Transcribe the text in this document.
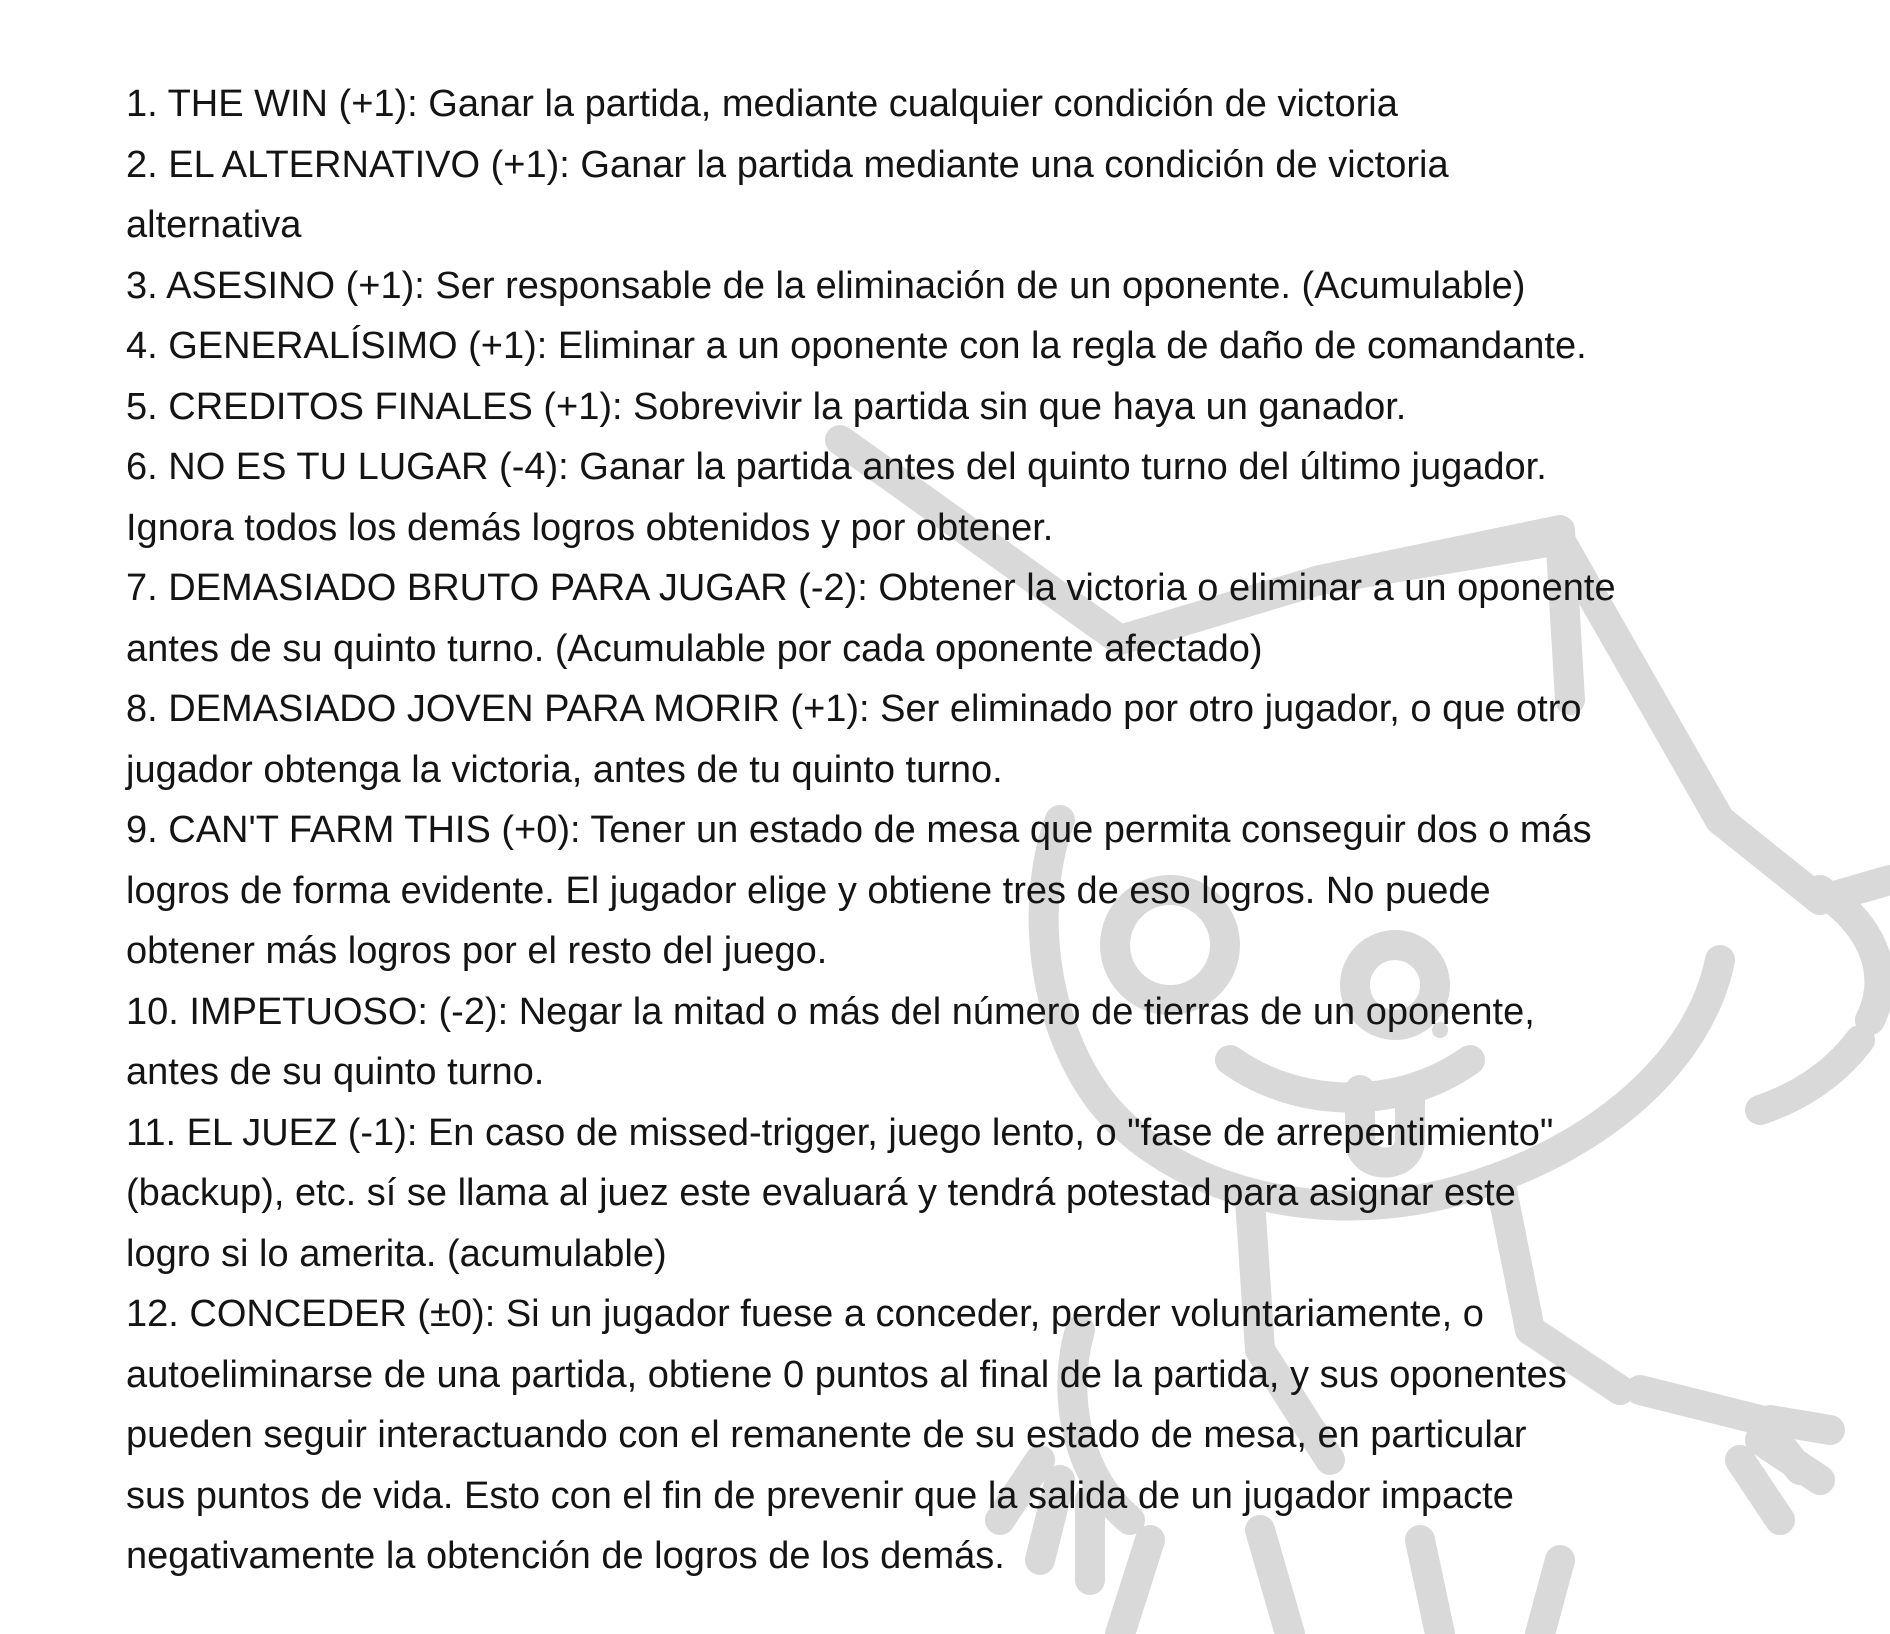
1. THE WIN (+1): Ganar la partida, mediante cualquier condición de victoria

2. EL ALTERNATIVO (+1): Ganar la partida mediante una condición de victoria
alternativa

3. ASESINO (+1): Ser responsable de la eliminación de un oponente. (Acumulable)

4. GENERALÍSIMO (+1): Eliminar a un oponente con la regla de daño de comandante.

5. CREDITOS FINALES (+1): Sobrevivir la partida sin que haya un ganador.

6. NO ES TU LUGAR (-4): Ganar la partida antes del quinto turno del último jugador.
Ignora todos los demás logros obtenidos y por obtener.

7. DEMASIADO BRUTO PARA JUGAR (-2): Obtener la victoria o eliminar a un oponente
antes de su quinto turno. (Acumulable por cada oponente afectado)

8. DEMASIADO JOVEN PARA MORIR (+1): Ser eliminado por otro jugador, o que otro
jugador obtenga la victoria, antes de tu quinto turno.

9. CAN'T FARM THIS (+0): Tener un estado de mesa que permita conseguir dos o más
logros de forma evidente. El jugador elige y obtiene tres de eso logros. No puede
obtener más logros por el resto del juego.

10. IMPETUOSO: (-2): Negar la mitad o más del número de tierras de un oponente,
antes de su quinto turno.

11. EL JUEZ (-1): En caso de missed-trigger, juego lento, o "fase de arrepentimiento"
(backup), etc. sí se llama al juez este evaluará y tendrá potestad para asignar este
logro si lo amerita. (acumulable)

12. CONCEDER (±0): Si un jugador fuese a conceder, perder voluntariamente, o
autoeliminarse de una partida, obtiene 0 puntos al final de la partida, y sus oponentes
pueden seguir interactuando con el remanente de su estado de mesa, en particular
sus puntos de vida. Esto con el fin de prevenir que la salida de un jugador impacte
negativamente la obtención de logros de los demás.
